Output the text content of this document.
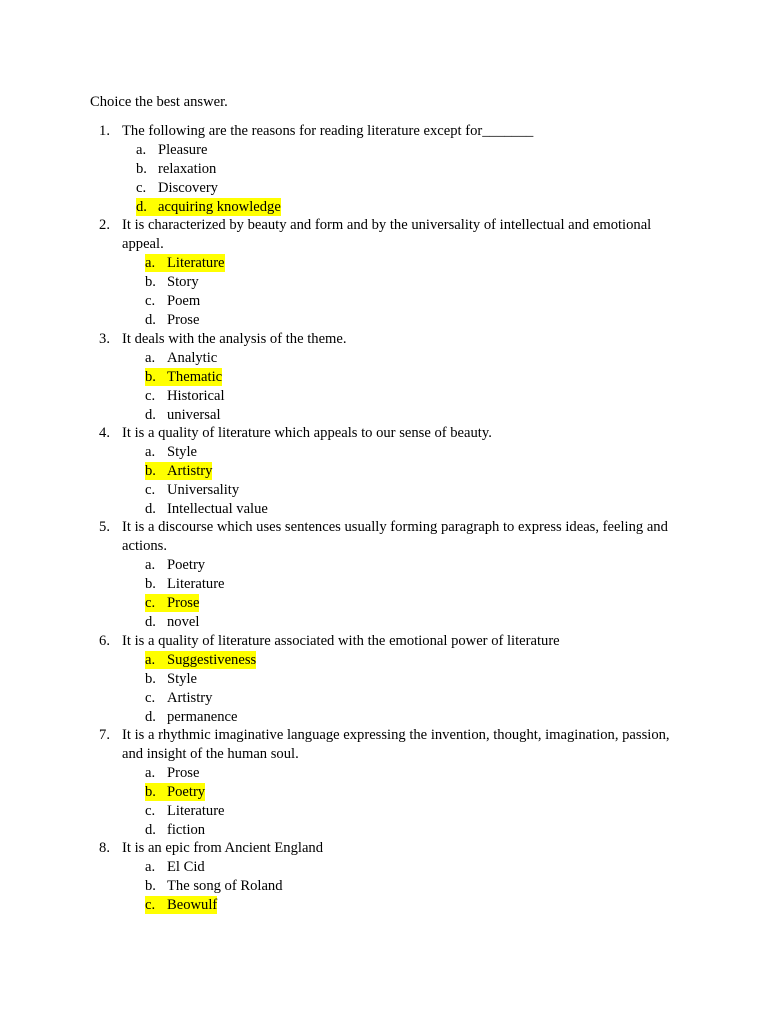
Choice the best answer.
1. The following are the reasons for reading literature except for_______
a. Pleasure
b. relaxation
c. Discovery
d. acquiring knowledge
2. It is characterized by beauty and form and by the universality of intellectual and emotional appeal.
a. Literature
b. Story
c. Poem
d. Prose
3. It deals with the analysis of the theme.
a. Analytic
b. Thematic
c. Historical
d. universal
4. It is a quality of literature which appeals to our sense of beauty.
a. Style
b. Artistry
c. Universality
d. Intellectual value
5. It is a discourse which uses sentences usually forming paragraph to express ideas, feeling and actions.
a. Poetry
b. Literature
c. Prose
d. novel
6. It is a quality of literature associated with the emotional power of literature
a. Suggestiveness
b. Style
c. Artistry
d. permanence
7. It is a rhythmic imaginative language expressing the invention, thought, imagination, passion, and insight of the human soul.
a. Prose
b. Poetry
c. Literature
d. fiction
8. It is an epic from Ancient England
a. El Cid
b. The song of Roland
c. Beowulf
